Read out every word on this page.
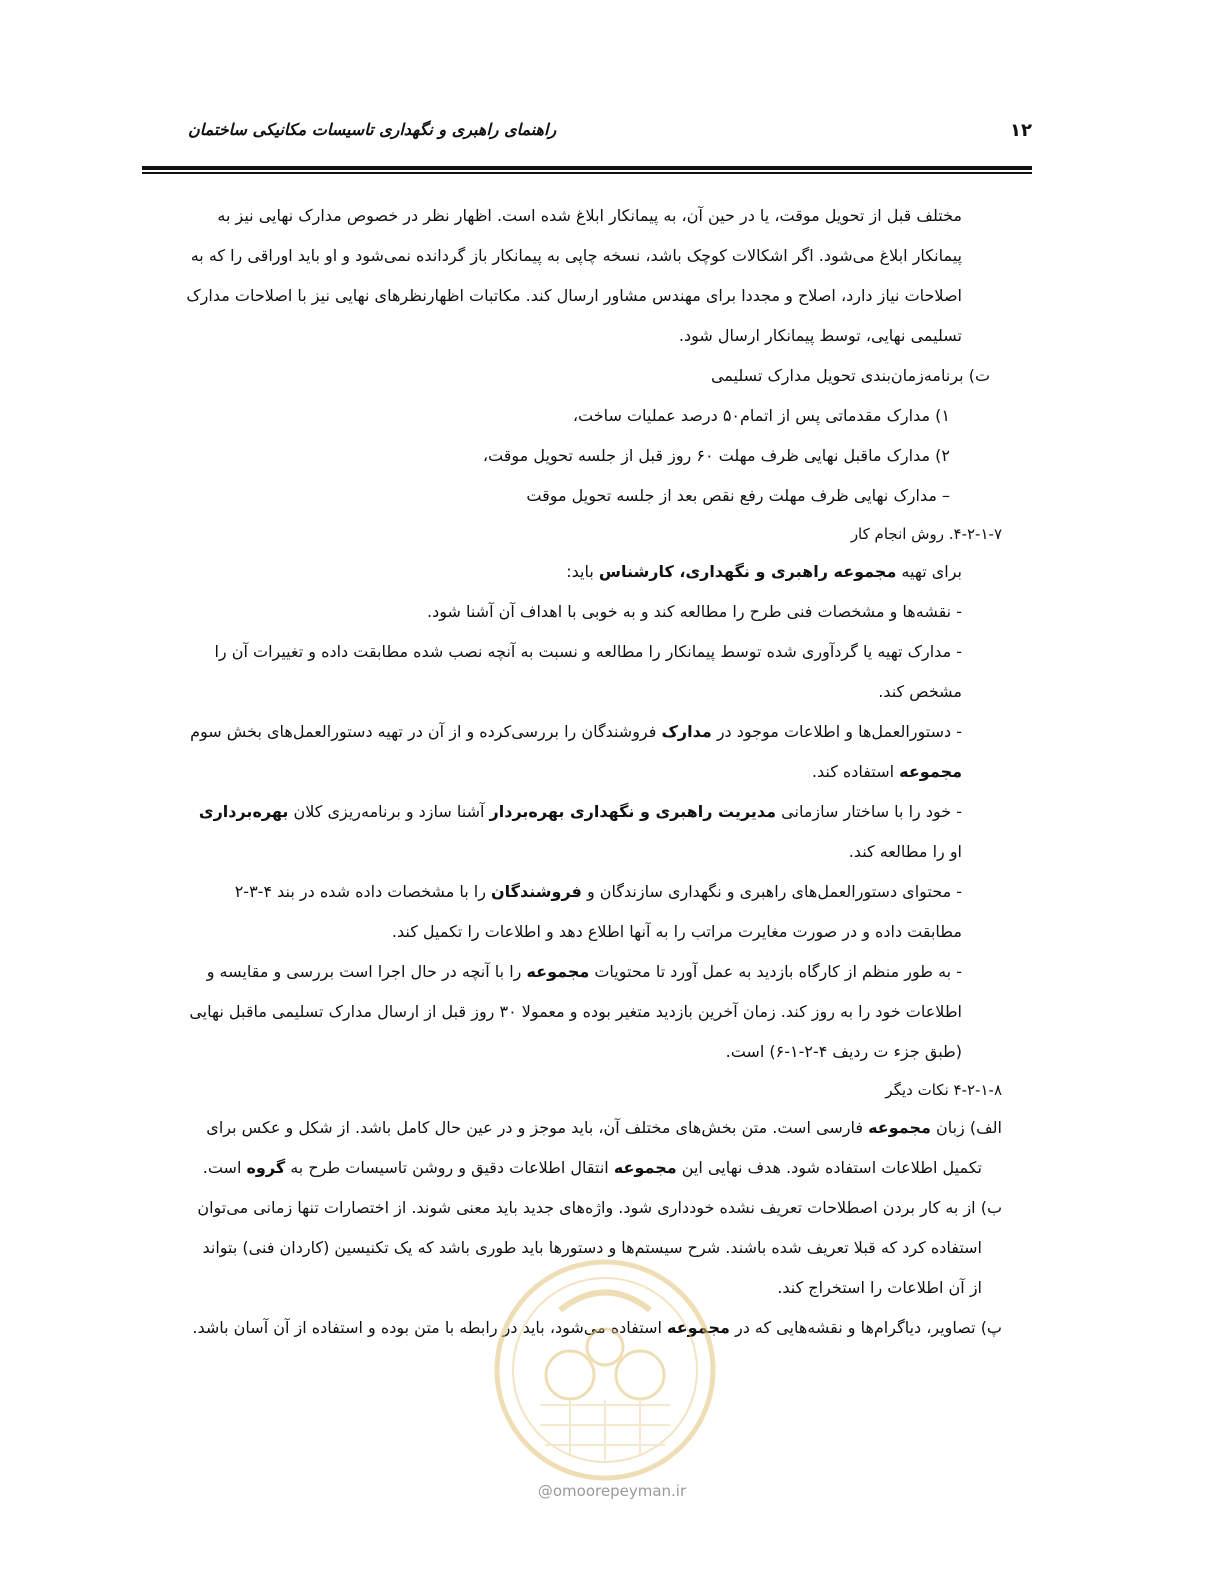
۱۲
راهنمای راهبری و نگهداری تاسیسات مکانیکی ساختمان

مختلف قبل از تحویل موقت، یا در حین آن، به پیمانکار ابلاغ شده است. اظهار نظر در خصوص مدارک نهایی نیز به

پیمانکار ابلاغ می‌شود. اگر اشکالات کوچک باشد، نسخه چاپی به پیمانکار باز گردانده نمی‌شود و او باید اوراقی را که به

اصلاحات نیاز دارد، اصلاح و مجددا برای مهندس مشاور ارسال کند. مکاتبات اظهارنظرهای نهایی نیز با اصلاحات مدارک

تسلیمی نهایی، توسط پیمانکار ارسال شود.

ت) برنامه‌زمان‌بندی تحویل مدارک تسلیمی

۱) مدارک مقدماتی پس از اتمام۵۰ درصد عملیات ساخت،

۲) مدارک ماقبل نهایی ظرف مهلت ۶۰ روز قبل از جلسه تحویل موقت،

– مدارک نهایی ظرف مهلت رفع نقص بعد از جلسه تحویل موقت

۴-۲-۱-۷. روش انجام کار

برای تهیه مجموعه راهبری و نگهداری، کارشناس باید:

- نقشه‌ها و مشخصات فنی طرح را مطالعه کند و به خوبی با اهداف آن آشنا شود.

- مدارک تهیه یا گردآوری شده توسط پیمانکار را مطالعه و نسبت به آنچه نصب شده مطابقت داده و تغییرات آن را

مشخص کند.

- دستورالعمل‌ها و اطلاعات موجود در مدارک فروشندگان را بررسی‌کرده و از آن در تهیه دستورالعمل‌های بخش سوم

مجموعه استفاده کند.

- خود را با ساختار سازمانی مدیریت راهبری و نگهداری بهره‌بردار آشنا سازد و برنامه‌ریزی کلان بهره‌برداری

او را مطالعه کند.

- محتوای دستورالعمل‌های راهبری و نگهداری سازندگان و فروشندگان را با مشخصات داده شده در بند ۴-۳-۲

مطابقت داده و در صورت مغایرت مراتب را به آنها اطلاع دهد و اطلاعات را تکمیل کند.

- به طور منظم از کارگاه بازدید به عمل آورد تا محتویات مجموعه را با آنچه در حال اجرا است بررسی و مقایسه و

اطلاعات خود را به روز کند. زمان آخرین بازدید متغیر بوده و معمولا ۳۰ روز قبل از ارسال مدارک تسلیمی ماقبل نهایی

(طبق جزء ت ردیف ۴-۲-۱-۶) است.

۴-۲-۱-۸ نکات دیگر

الف) زبان مجموعه فارسی است. متن بخش‌های مختلف آن، باید موجز و در عین حال کامل باشد. از شکل و عکس برای

تکمیل اطلاعات استفاده شود. هدف نهایی این مجموعه انتقال اطلاعات دقیق و روشن تاسیسات طرح به گروه است.

ب) از به کار بردن اصطلاحات تعریف نشده خودداری شود. واژه‌های جدید باید معنی شوند. از اختصارات تنها زمانی می‌توان

استفاده کرد که قبلا تعریف شده باشند. شرح سیستم‌ها و دستورها باید طوری باشد که یک تکنیسین (کاردان فنی) بتواند

از آن اطلاعات را استخراج کند.

پ) تصاویر، دیاگرام‌ها و نقشه‌هایی که در مجموعه استفاده می‌شود، باید در رابطه با متن بوده و استفاده از آن آسان باشد.

@omoorepeyman.ir
